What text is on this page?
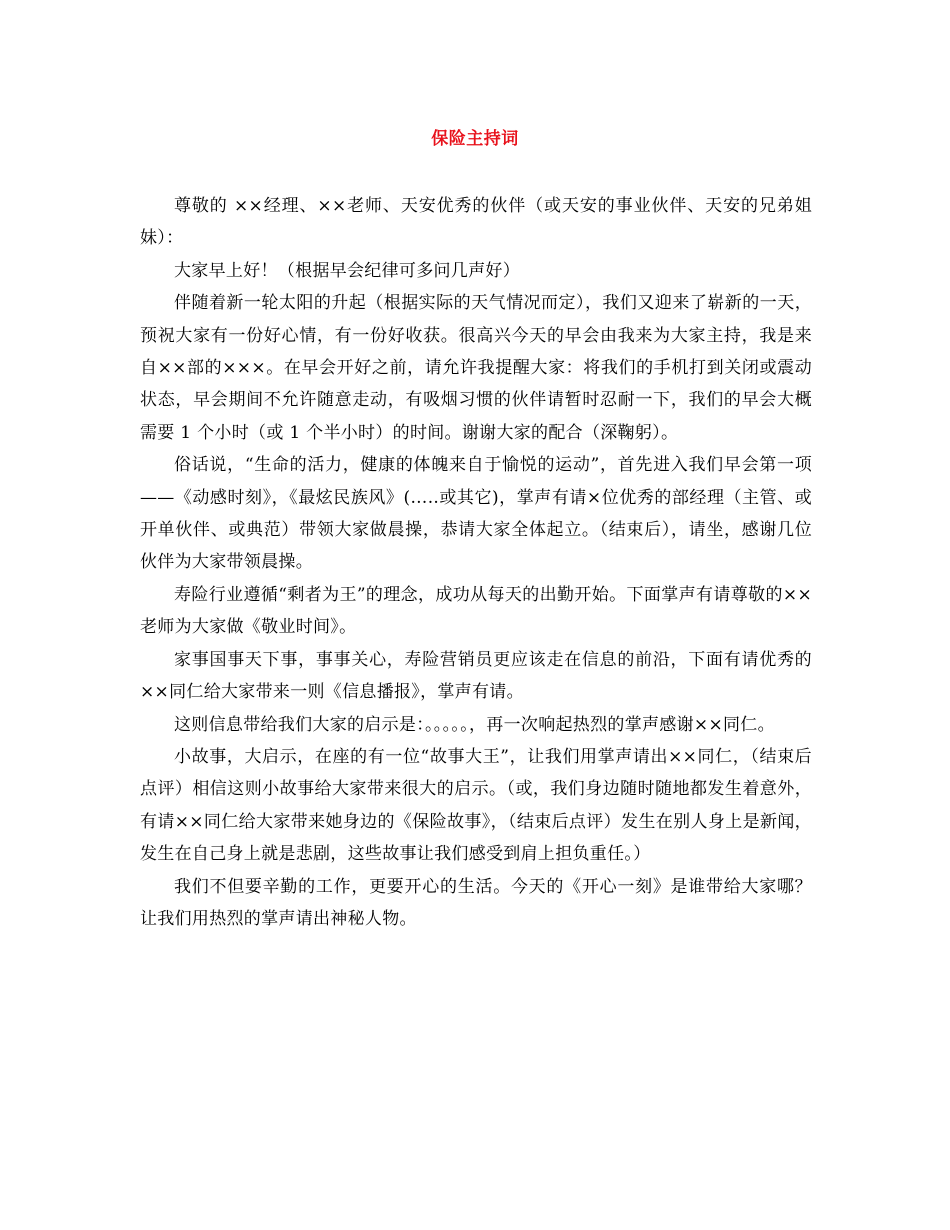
保险主持词

尊敬的 ××经理、××老师、天安优秀的伙伴（或天安的事业伙伴、天安的兄弟姐妹）：

大家早上好！（根据早会纪律可多问几声好）

伴随着新一轮太阳的升起（根据实际的天气情况而定），我们又迎来了崭新的一天，预祝大家有一份好心情，有一份好收获。很高兴今天的早会由我来为大家主持，我是来自××部的×××。在早会开好之前，请允许我提醒大家：将我们的手机打到关闭或震动状态，早会期间不允许随意走动，有吸烟习惯的伙伴请暂时忍耐一下，我们的早会大概需要 1 个小时（或 1 个半小时）的时间。谢谢大家的配合（深鞠躬）。

俗话说，“生命的活力，健康的体魄来自于愉悦的运动”，首先进入我们早会第一项 ——《动感时刻》，《最炫民族风》(…..或其它)，掌声有请×位优秀的部经理（主管、或开单伙伴、或典范）带领大家做晨操，恭请大家全体起立。（结束后），请坐，感谢几位伙伴为大家带领晨操。

寿险行业遵循“剩者为王”的理念，成功从每天的出勤开始。下面掌声有请尊敬的××老师为大家做《敬业时间》。

家事国事天下事，事事关心，寿险营销员更应该走在信息的前沿，下面有请优秀的××同仁给大家带来一则《信息播报》，掌声有请。

这则信息带给我们大家的启示是：。。。。。，再一次响起热烈的掌声感谢××同仁。

小故事，大启示，在座的有一位“故事大王”，让我们用掌声请出××同仁，（结束后点评）相信这则小故事给大家带来很大的启示。（或，我们身边随时随地都发生着意外，有请××同仁给大家带来她身边的《保险故事》，（结束后点评）发生在别人身上是新闻，发生在自己身上就是悲剧，这些故事让我们感受到肩上担负重任。）

我们不但要辛勤的工作，更要开心的生活。今天的《开心一刻》是谁带给大家哪？让我们用热烈的掌声请出神秘人物。
